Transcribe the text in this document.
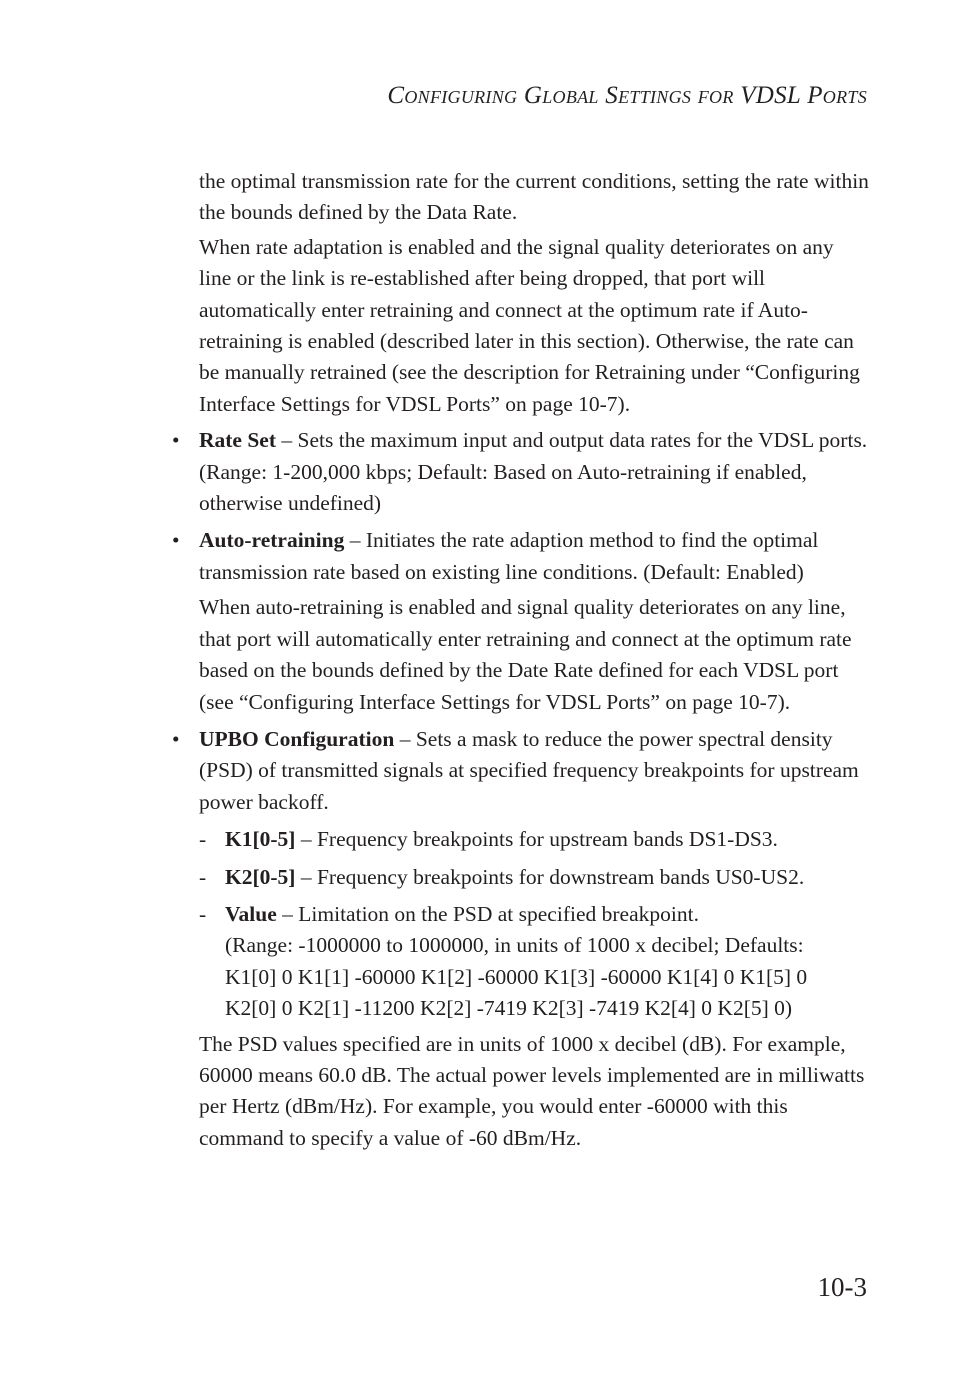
Configuring Global Settings for VDSL Ports

the optimal transmission rate for the current conditions, setting the rate within the bounds defined by the Data Rate.

When rate adaptation is enabled and the signal quality deteriorates on any line or the link is re-established after being dropped, that port will automatically enter retraining and connect at the optimum rate if Auto-retraining is enabled (described later in this section). Otherwise, the rate can be manually retrained (see the description for Retraining under “Configuring Interface Settings for VDSL Ports” on page 10-7).

• Rate Set – Sets the maximum input and output data rates for the VDSL ports. (Range: 1-200,000 kbps; Default: Based on Auto-retraining if enabled, otherwise undefined)
• Auto-retraining – Initiates the rate adaption method to find the optimal transmission rate based on existing line conditions. (Default: Enabled)

When auto-retraining is enabled and signal quality deteriorates on any line, that port will automatically enter retraining and connect at the optimum rate based on the bounds defined by the Date Rate defined for each VDSL port (see “Configuring Interface Settings for VDSL Ports” on page 10-7).

• UPBO Configuration – Sets a mask to reduce the power spectral density (PSD) of transmitted signals at specified frequency breakpoints for upstream power backoff.
- K1[0-5] – Frequency breakpoints for upstream bands DS1-DS3.
- K2[0-5] – Frequency breakpoints for downstream bands US0-US2.
- Value – Limitation on the PSD at specified breakpoint.
(Range: -1000000 to 1000000, in units of 1000 x decibel; Defaults:
K1[0] 0 K1[1] -60000 K1[2] -60000 K1[3] -60000 K1[4] 0 K1[5] 0
K2[0] 0 K2[1] -11200 K2[2] -7419 K2[3] -7419 K2[4] 0 K2[5] 0)

The PSD values specified are in units of 1000 x decibel (dB). For example, 60000 means 60.0 dB. The actual power levels implemented are in milliwatts per Hertz (dBm/Hz). For example, you would enter -60000 with this command to specify a value of -60 dBm/Hz.

10-3
